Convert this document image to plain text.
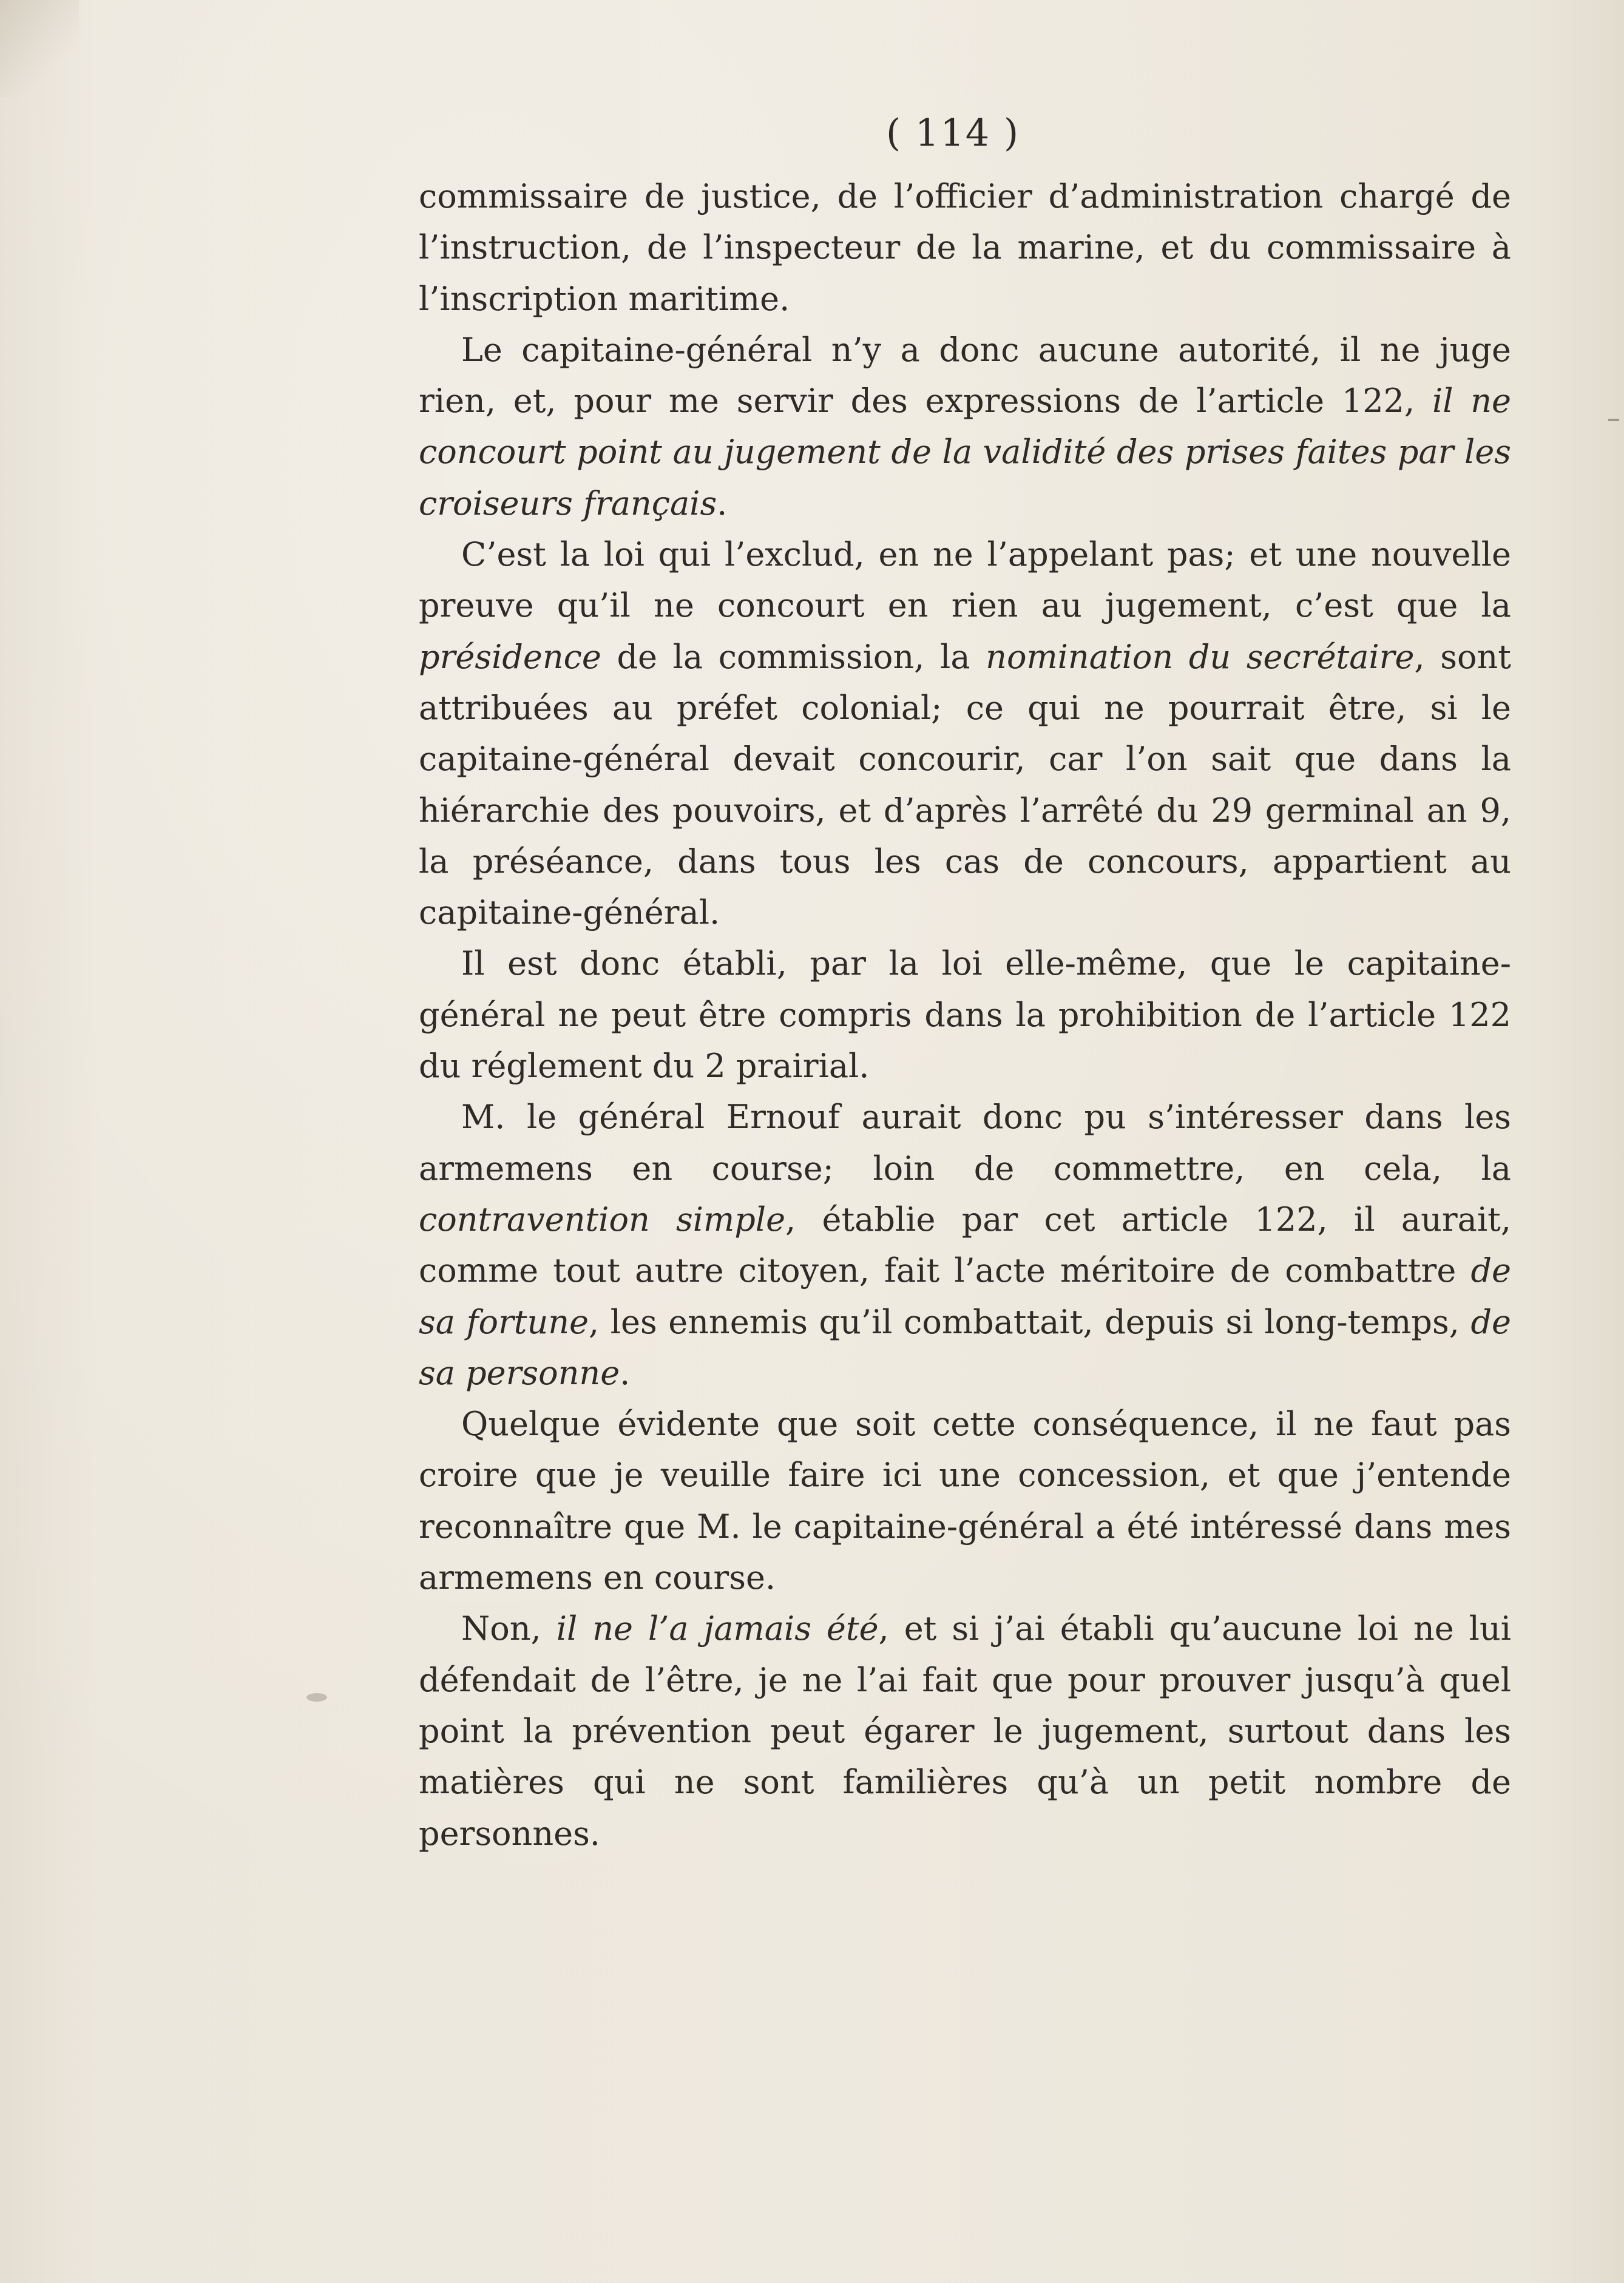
( 114 )

commissaire de justice, de l’officier d’administration chargé de l’instruction, de l’inspecteur de la marine, et du commissaire à l’inscription maritime.

Le capitaine-général n’y a donc aucune autorité, il ne juge rien, et, pour me servir des expressions de l’article 122, il ne concourt point au jugement de la validité des prises faites par les croiseurs français.

C’est la loi qui l’exclud, en ne l’appelant pas; et une nouvelle preuve qu’il ne concourt en rien au jugement, c’est que la présidence de la commission, la nomination du secrétaire, sont attribuées au préfet colonial; ce qui ne pourrait être, si le capitaine-général devait concourir, car l’on sait que dans la hiérarchie des pouvoirs, et d’après l’arrêté du 29 germinal an 9, la préséance, dans tous les cas de concours, appartient au capitaine-général.

Il est donc établi, par la loi elle-même, que le capitaine-général ne peut être compris dans la prohibition de l’article 122 du réglement du 2 prairial.

M. le général Ernouf aurait donc pu s’intéresser dans les armemens en course; loin de commettre, en cela, la contravention simple, établie par cet article 122, il aurait, comme tout autre citoyen, fait l’acte méritoire de combattre de sa fortune, les ennemis qu’il combattait, depuis si long-temps, de sa personne.

Quelque évidente que soit cette conséquence, il ne faut pas croire que je veuille faire ici une concession, et que j’entende reconnaître que M. le capitaine-général a été intéressé dans mes armemens en course.

Non, il ne l’a jamais été, et si j’ai établi qu’aucune loi ne lui défendait de l’être, je ne l’ai fait que pour prouver jusqu’à quel point la prévention peut égarer le jugement, surtout dans les matières qui ne sont familières qu’à un petit nombre de personnes.
